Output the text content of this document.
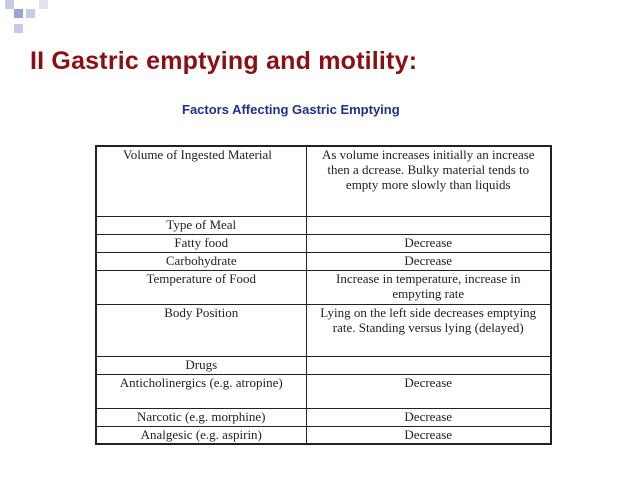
II Gastric emptying and motility:
Factors Affecting Gastric Emptying
Volume of Ingested Material	As volume increases initially an increase then a dcrease. Bulky material tends to empty more slowly than liquids
Type of Meal	
Fatty food	Decrease
Carbohydrate	Decrease
Temperature of Food	Increase in temperature, increase in empyting rate
Body Position	Lying on the left side decreases emptying rate. Standing versus lying (delayed)
Drugs	
Anticholinergics (e.g. atropine)	Decrease
Narcotic (e.g. morphine)	Decrease
Analgesic (e.g. aspirin)	Decrease
